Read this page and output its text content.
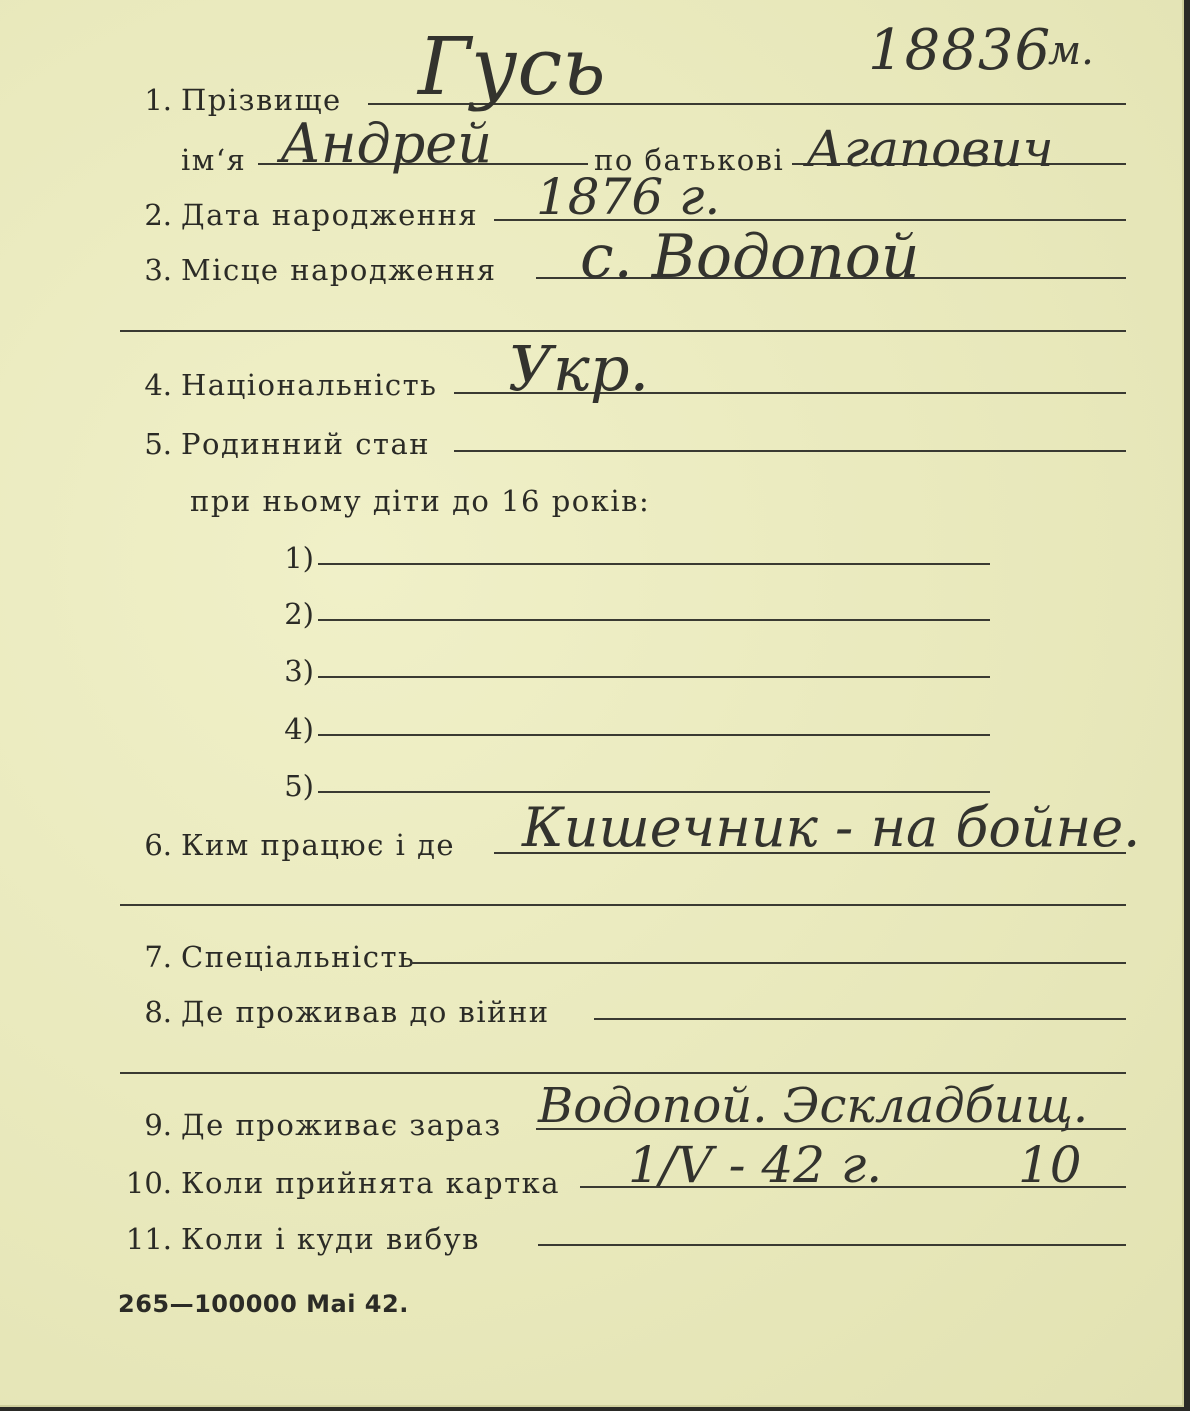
18836
м.
1. Прізвище Гусь
ім‘я Андрей	по батькові Агапович
2. Дата народження 1876 г.
3. Місце народження с. Водопой
4. Національність Укр.
5. Родинний стан
при ньому діти до 16 років:
1)
2)
3)
4)
5)
6. Ким працює і де Кишечник - на бойне.
7. Спеціальність
8. Де проживав до війни
9. Де проживає зараз Водопой. Эскладбищ.
10. Коли прийнята картка 1/V - 42 г.	10
11. Коли і куди вибув
265—100000 Mai 42.
